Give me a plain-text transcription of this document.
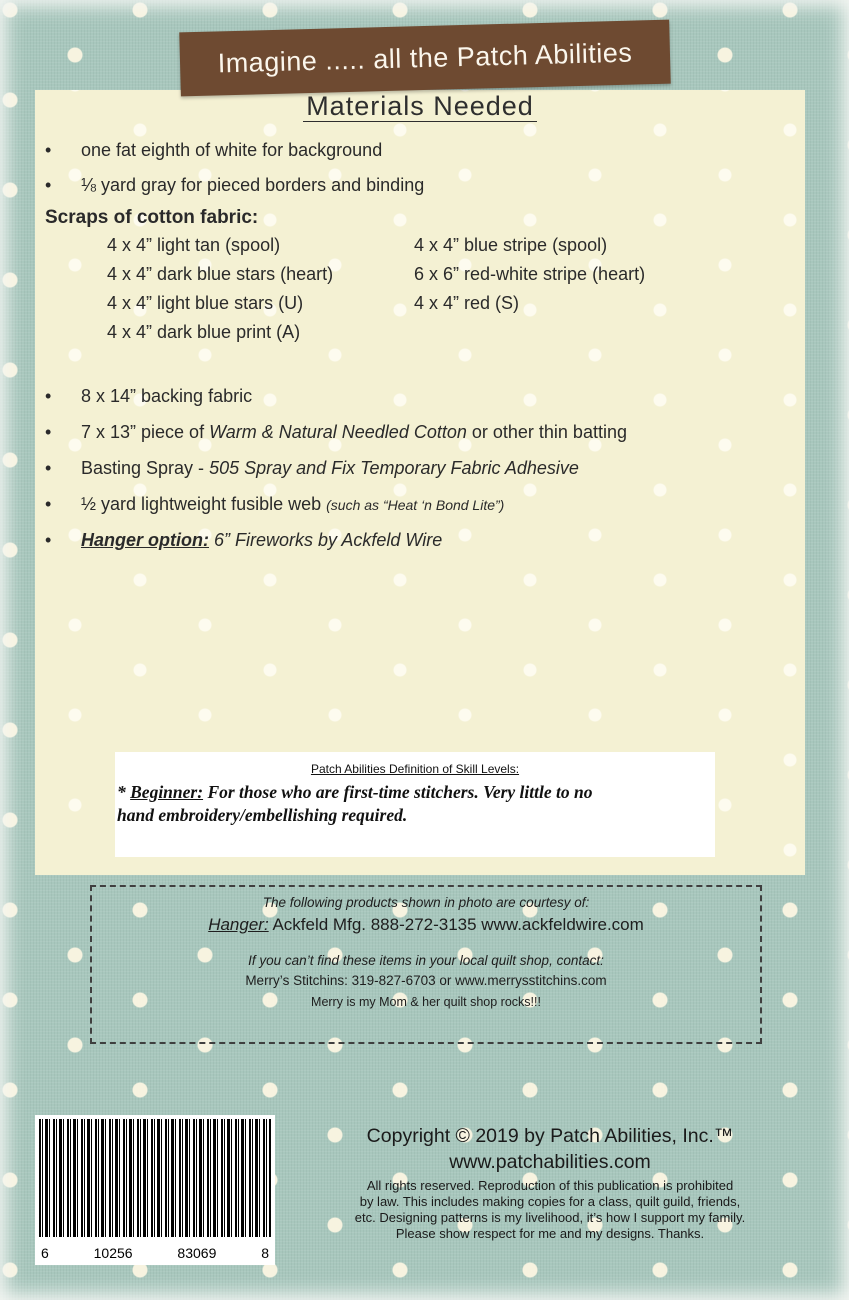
Imagine ..... all the Patch Abilities
Materials Needed
• one fat eighth of white for background
• ⅛ yard gray for pieced borders and binding
Scraps of cotton fabric:
4 x 4” light tan (spool)	4 x 4” blue stripe (spool)
4 x 4” dark blue stars (heart)	6 x 6” red-white stripe (heart)
4 x 4” light blue stars (U)	4 x 4” red (S)
4 x 4” dark blue print (A)
• 8 x 14” backing fabric
• 7 x 13” piece of Warm & Natural Needled Cotton or other thin batting
• Basting Spray - 505 Spray and Fix Temporary Fabric Adhesive
• ½ yard lightweight fusible web (such as “Heat ‘n Bond Lite”)
• Hanger option: 6” Fireworks by Ackfeld Wire
Patch Abilities Definition of Skill Levels:
* Beginner: For those who are first-time stitchers. Very little to no
hand embroidery/embellishing required.
The following products shown in photo are courtesy of:
Hanger: Ackfeld Mfg. 888-272-3135 www.ackfeldwire.com
If you can’t find these items in your local quilt shop, contact:
Merry’s Stitchins: 319-827-6703 or www.merrysstitchins.com
Merry is my Mom & her quilt shop rocks!!!
6	10256	83069	8
Copyright © 2019 by Patch Abilities, Inc.™
www.patchabilities.com
All rights reserved. Reproduction of this publication is prohibited
by law. This includes making copies for a class, quilt guild, friends,
etc. Designing patterns is my livelihood, it’s how I support my family.
Please show respect for me and my designs. Thanks.
